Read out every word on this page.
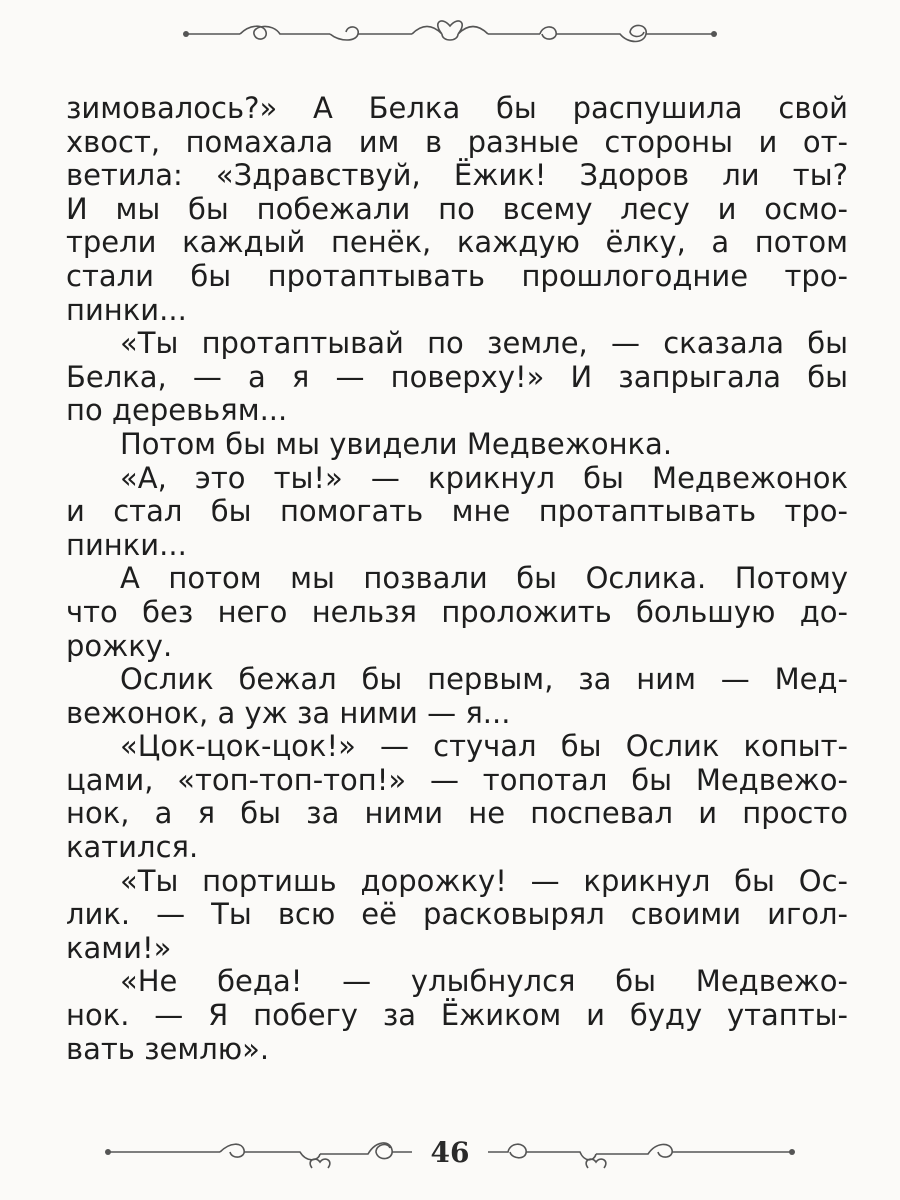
зимовалось?» А Белка бы распушила свой
хвост, помахала им в разные стороны и от-
ветила: «Здравствуй, Ёжик! Здоров ли ты?
И мы бы побежали по всему лесу и осмо-
трели каждый пенёк, каждую ёлку, а потом
стали бы протаптывать прошлогодние тро-
пинки...
«Ты протаптывай по земле, — сказала бы
Белка, — а я — поверху!» И запрыгала бы
по деревьям...
Потом бы мы увидели Медвежонка.
«А, это ты!» — крикнул бы Медвежонок
и стал бы помогать мне протаптывать тро-
пинки...
А потом мы позвали бы Ослика. Потому
что без него нельзя проложить большую до-
рожку.
Ослик бежал бы первым, за ним — Мед-
вежонок, а уж за ними — я...
«Цок-цок-цок!» — стучал бы Ослик копыт-
цами, «топ-топ-топ!» — топотал бы Медвежо-
нок, а я бы за ними не поспевал и просто
катился.
«Ты портишь дорожку! — крикнул бы Ос-
лик. — Ты всю её расковырял своими игол-
ками!»
«Не беда! — улыбнулся бы Медвежо-
нок. — Я побегу за Ёжиком и буду утапты-
вать землю».
46
